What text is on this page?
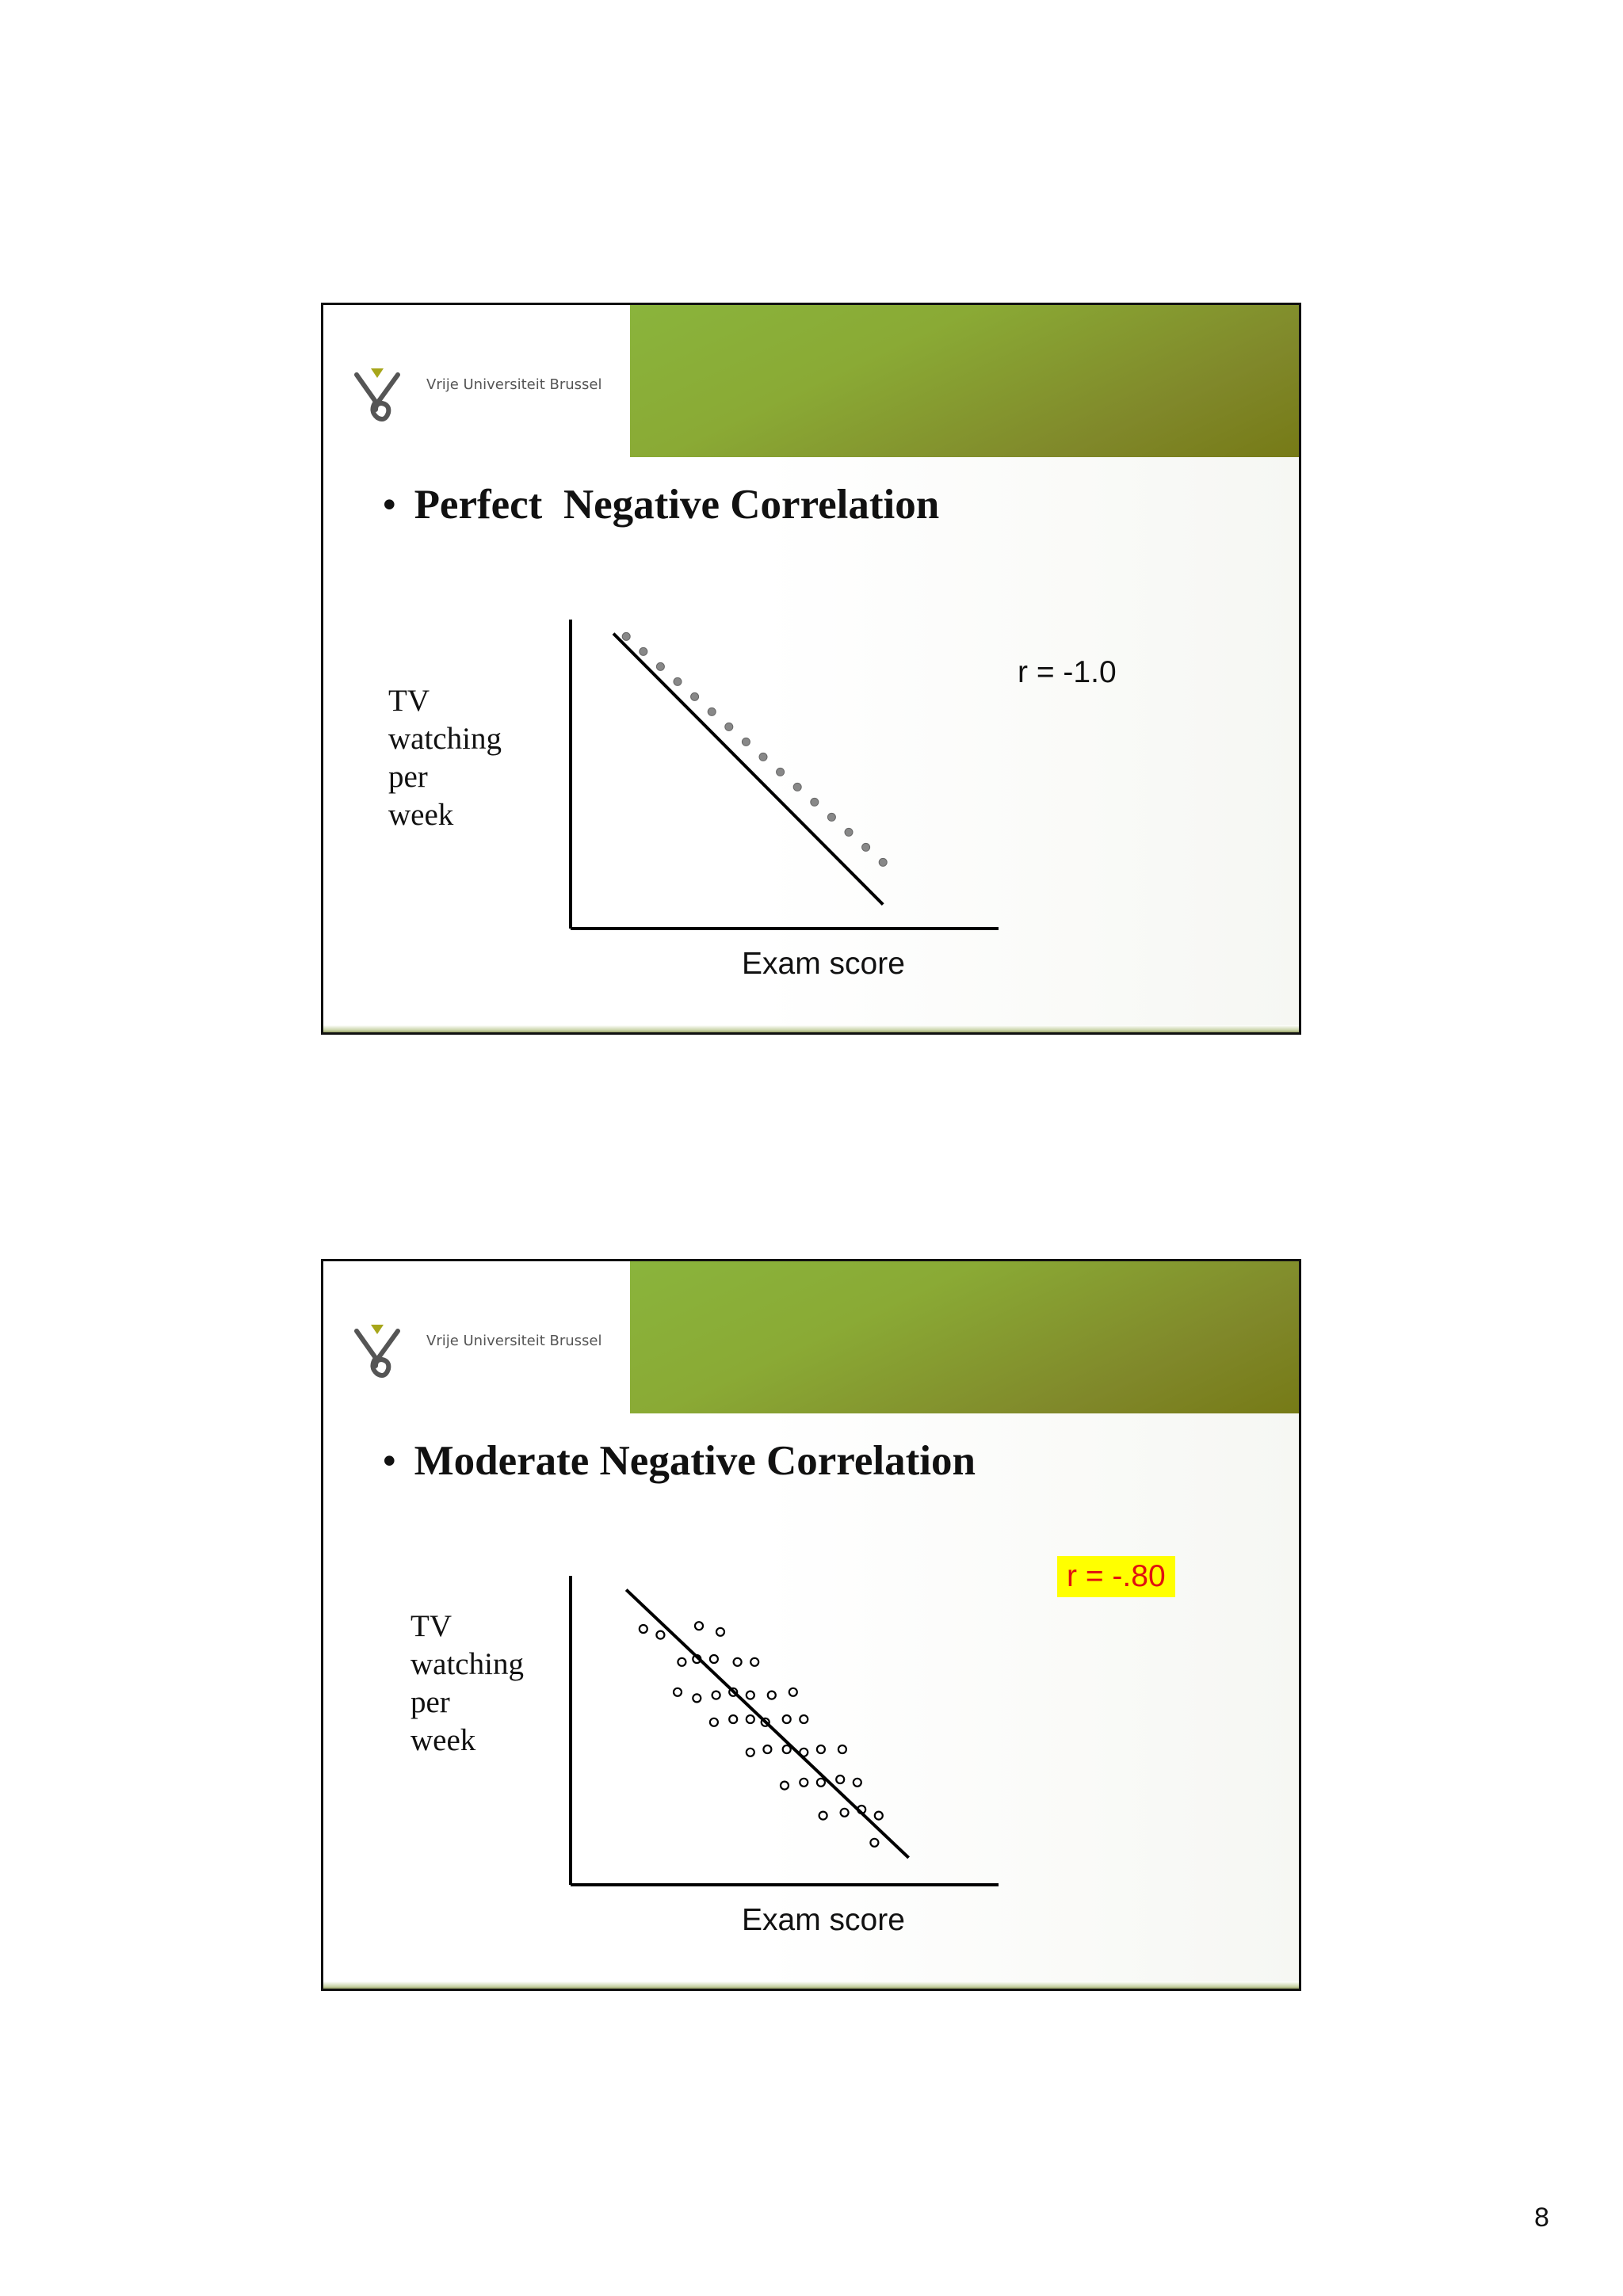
Vrije Universiteit Brussel
• Perfect  Negative Correlation
TV
watching
per
week
Exam score
r = -1.0
Vrije Universiteit Brussel
• Moderate Negative Correlation
TV
watching
per
week
Exam score
r = -.80
8
